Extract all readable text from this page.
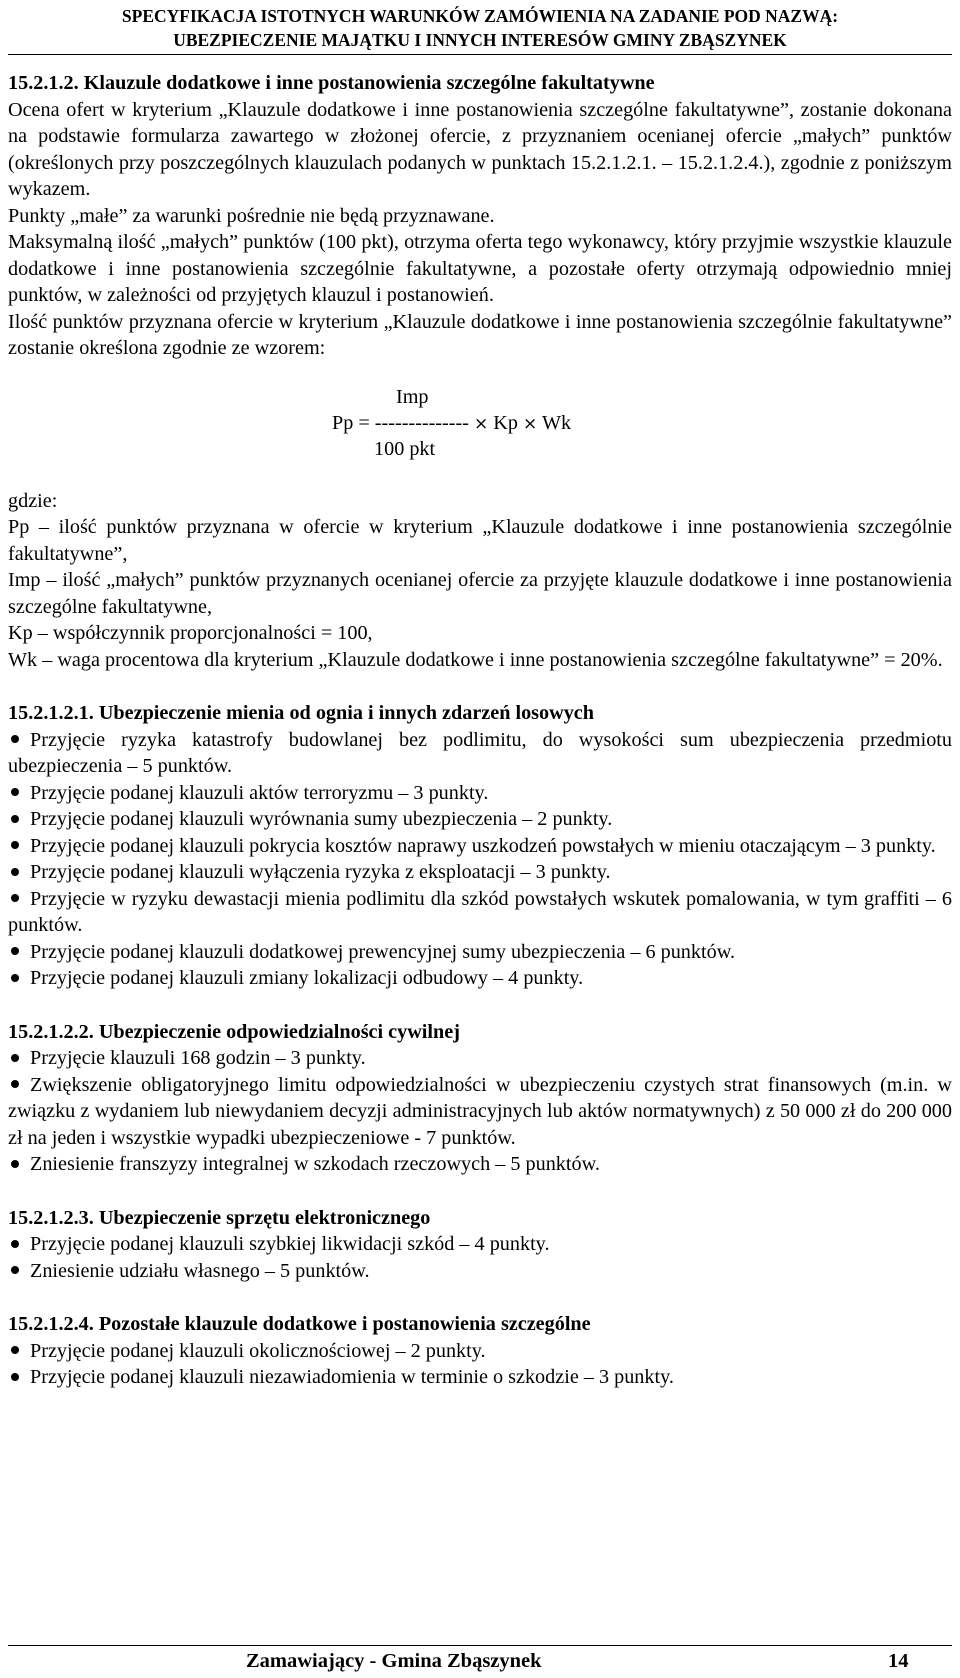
SPECYFIKACJA ISTOTNYCH WARUNKÓW ZAMÓWIENIA NA ZADANIE POD NAZWĄ:
UBEZPIECZENIE MAJĄTKU I INNYCH INTERESÓW GMINY ZBĄSZYNEK

15.2.1.2. Klauzule dodatkowe i inne postanowienia szczególne fakultatywne

Ocena ofert w kryterium „Klauzule dodatkowe i inne postanowienia szczególne fakultatywne”, zostanie dokonana na podstawie formularza zawartego w złożonej ofercie, z przyznaniem ocenianej ofercie „małych” punktów (określonych przy poszczególnych klauzulach podanych w punktach 15.2.1.2.1. – 15.2.1.2.4.), zgodnie z poniższym wykazem.

Punkty „małe” za warunki pośrednie nie będą przyznawane.

Maksymalną ilość „małych” punktów (100 pkt), otrzyma oferta tego wykonawcy, który przyjmie wszystkie klauzule dodatkowe i inne postanowienia szczególnie fakultatywne, a pozostałe oferty otrzymają odpowiednio mniej punktów, w zależności od przyjętych klauzul i postanowień.

Ilość punktów przyznana ofercie w kryterium „Klauzule dodatkowe i inne postanowienia szczególnie fakultatywne” zostanie określona zgodnie ze wzorem:

Imp
Pp = -------------- × Kp × Wk
100 pkt

gdzie:

Pp – ilość punktów przyznana w ofercie w kryterium „Klauzule dodatkowe i inne postanowienia szczególnie fakultatywne”,

Imp – ilość „małych” punktów przyznanych ocenianej ofercie za przyjęte klauzule dodatkowe i inne postanowienia szczególne fakultatywne,

Kp – współczynnik proporcjonalności = 100,

Wk – waga procentowa dla kryterium „Klauzule dodatkowe i inne postanowienia szczególne fakultatywne” = 20%.

15.2.1.2.1. Ubezpieczenie mienia od ognia i innych zdarzeń losowych

Przyjęcie ryzyka katastrofy budowlanej bez podlimitu, do wysokości sum ubezpieczenia przedmiotu ubezpieczenia – 5 punktów.
Przyjęcie podanej klauzuli aktów terroryzmu – 3 punkty.
Przyjęcie podanej klauzuli wyrównania sumy ubezpieczenia – 2 punkty.
Przyjęcie podanej klauzuli pokrycia kosztów naprawy uszkodzeń powstałych w mieniu otaczającym – 3 punkty.
Przyjęcie podanej klauzuli wyłączenia ryzyka z eksploatacji – 3 punkty.
Przyjęcie w ryzyku dewastacji mienia podlimitu dla szkód powstałych wskutek pomalowania, w tym graffiti – 6 punktów.
Przyjęcie podanej klauzuli dodatkowej prewencyjnej sumy ubezpieczenia – 6 punktów.
Przyjęcie podanej klauzuli zmiany lokalizacji odbudowy – 4 punkty.

15.2.1.2.2. Ubezpieczenie odpowiedzialności cywilnej

Przyjęcie klauzuli 168 godzin – 3 punkty.
Zwiększenie obligatoryjnego limitu odpowiedzialności w ubezpieczeniu czystych strat finansowych (m.in. w związku z wydaniem lub niewydaniem decyzji administracyjnych lub aktów normatywnych) z 50 000 zł do 200 000 zł na jeden i wszystkie wypadki ubezpieczeniowe - 7 punktów.
Zniesienie franszyzy integralnej w szkodach rzeczowych – 5 punktów.

15.2.1.2.3. Ubezpieczenie sprzętu elektronicznego

Przyjęcie podanej klauzuli szybkiej likwidacji szkód – 4 punkty.
Zniesienie udziału własnego – 5 punktów.

15.2.1.2.4. Pozostałe klauzule dodatkowe i postanowienia szczególne

Przyjęcie podanej klauzuli okolicznościowej – 2 punkty.
Przyjęcie podanej klauzuli niezawiadomienia w terminie o szkodzie – 3 punkty.
Zamawiający - Gmina Zbąszynek	14
